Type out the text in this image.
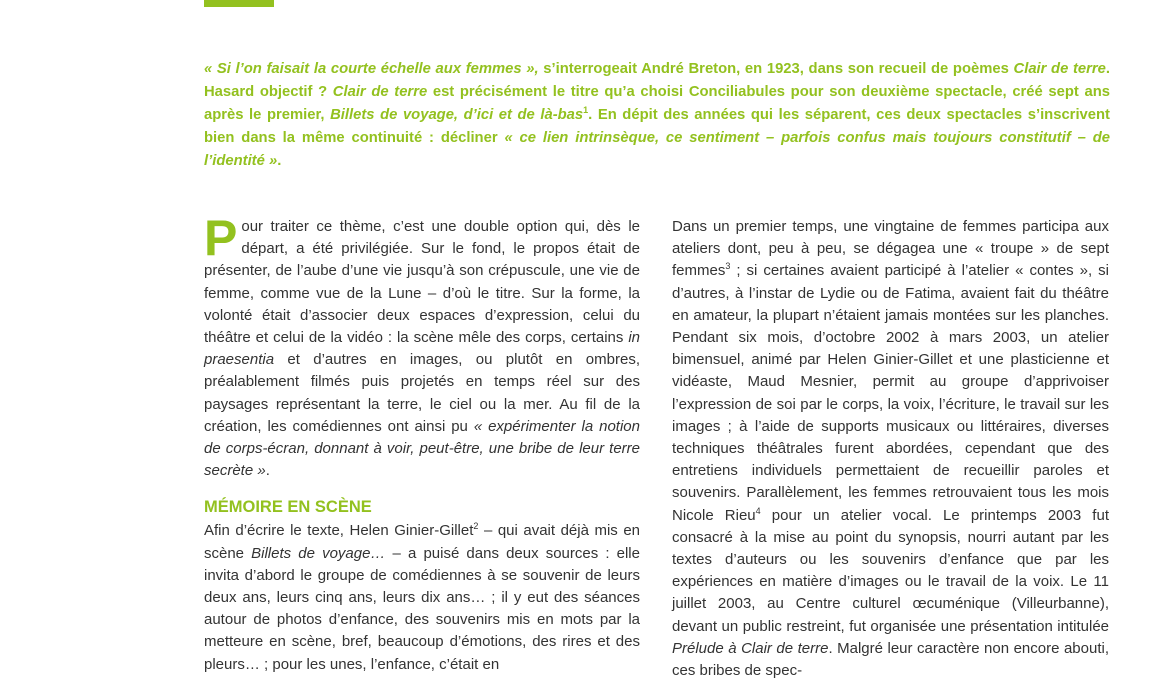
« Si l’on faisait la courte échelle aux femmes », s’interrogeait André Breton, en 1923, dans son recueil de poèmes Clair de terre. Hasard objectif ? Clair de terre est précisément le titre qu’a choisi Conciliabules pour son deuxième spectacle, créé sept ans après le premier, Billets de voyage, d’ici et de là-bas$^1$. En dépit des années qui les séparent, ces deux spectacles s’inscrivent bien dans la même continuité : décliner « ce lien intrinsèque, ce sentiment – parfois confus mais toujours constitutif – de l’identité ».

Pour traiter ce thème, c’est une double option qui, dès le départ, a été privilégiée. Sur le fond, le propos était de présenter, de l’aube d’une vie jusqu’à son crépuscule, une vie de femme, comme vue de la Lune – d’où le titre. Sur la forme, la volonté était d’associer deux espaces d’expression, celui du théâtre et celui de la vidéo : la scène mêle des corps, certains in praesentia et d’autres en images, ou plutôt en ombres, préalablement filmés puis projetés en temps réel sur des paysages représentant la terre, le ciel ou la mer. Au fil de la création, les comédiennes ont ainsi pu « expérimenter la notion de corps-écran, donnant à voir, peut-être, une bribe de leur terre secrète ».

MÉMOIRE EN SCÈNE

Afin d’écrire le texte, Helen Ginier-Gillet$^2$ – qui avait déjà mis en scène Billets de voyage… – a puisé dans deux sources : elle invita d’abord le groupe de comédiennes à se souvenir de leurs deux ans, leurs cinq ans, leurs dix ans… ; il y eut des séances autour de photos d’enfance, des souvenirs mis en mots par la metteure en scène, bref, beaucoup d’émotions, des rires et des pleurs… ; pour les unes, l’enfance, c’était en

Dans un premier temps, une vingtaine de femmes participa aux ateliers dont, peu à peu, se dégagea une « troupe » de sept femmes$^3$ ; si certaines avaient participé à l’atelier « contes », si d’autres, à l’instar de Lydie ou de Fatima, avaient fait du théâtre en amateur, la plupart n’étaient jamais montées sur les planches. Pendant six mois, d’octobre 2002 à mars 2003, un atelier bimensuel, animé par Helen Ginier-Gillet et une plasticienne et vidéaste, Maud Mesnier, permit au groupe d’apprivoiser l’expression de soi par le corps, la voix, l’écriture, le travail sur les images ; à l’aide de supports musicaux ou littéraires, diverses techniques théâtrales furent abordées, cependant que des entretiens individuels permettaient de recueillir paroles et souvenirs. Parallèlement, les femmes retrouvaient tous les mois Nicole Rieu$^4$ pour un atelier vocal. Le printemps 2003 fut consacré à la mise au point du synopsis, nourri autant par les textes d’auteurs ou les souvenirs d’enfance que par les expériences en matière d’images ou le travail de la voix. Le 11 juillet 2003, au Centre culturel œcuménique (Villeurbanne), devant un public restreint, fut organisée une présentation intitulée Prélude à Clair de terre. Malgré leur caractère non encore abouti, ces bribes de spec-
